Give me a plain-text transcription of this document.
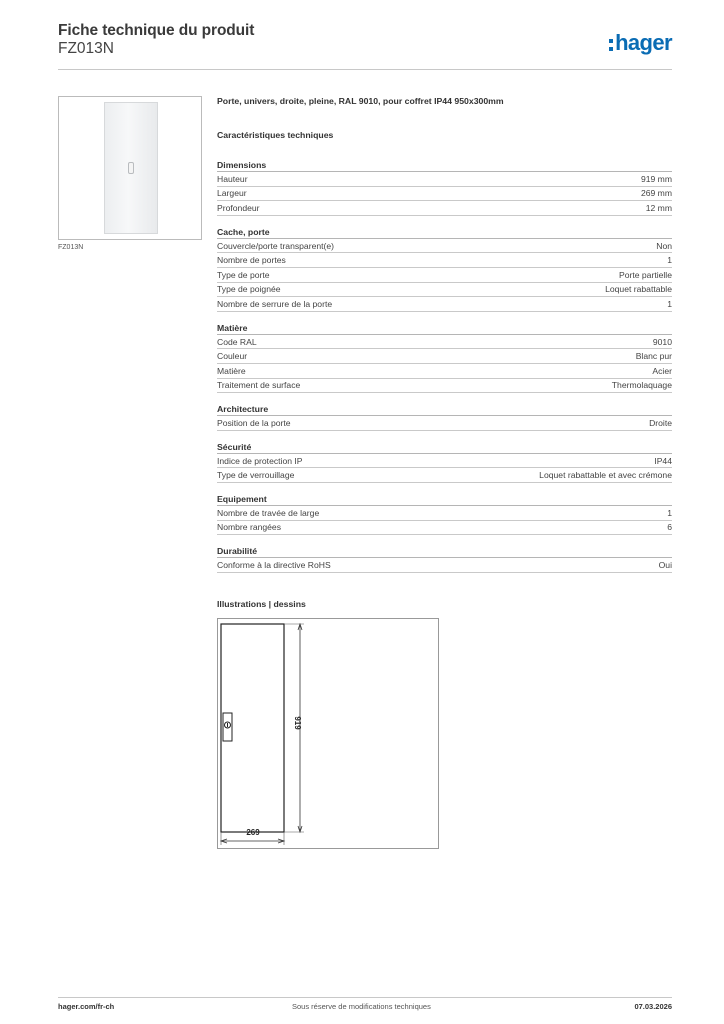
Fiche technique du produit
FZ013N	hager
FZ013N
Porte, univers, droite, pleine, RAL 9010, pour coffret IP44 950x300mm
Caractéristiques techniques
Dimensions
Hauteur	919 mm
Largeur	269 mm
Profondeur	12 mm
Cache, porte
Couvercle/porte transparent(e)	Non
Nombre de portes	1
Type de porte	Porte partielle
Type de poignée	Loquet rabattable
Nombre de serrure de la porte	1
Matière
Code RAL	9010
Couleur	Blanc pur
Matière	Acier
Traitement de surface	Thermolaquage
Architecture
Position de la porte	Droite
Sécurité
Indice de protection IP	IP44
Type de verrouillage	Loquet rabattable et avec crémone
Equipement
Nombre de travée de large	1
Nombre rangées	6
Durabilité
Conforme à la directive RoHS	Oui
Illustrations | dessins
919
269
hager.com/fr-ch	Sous réserve de modifications techniques	07.03.2026
